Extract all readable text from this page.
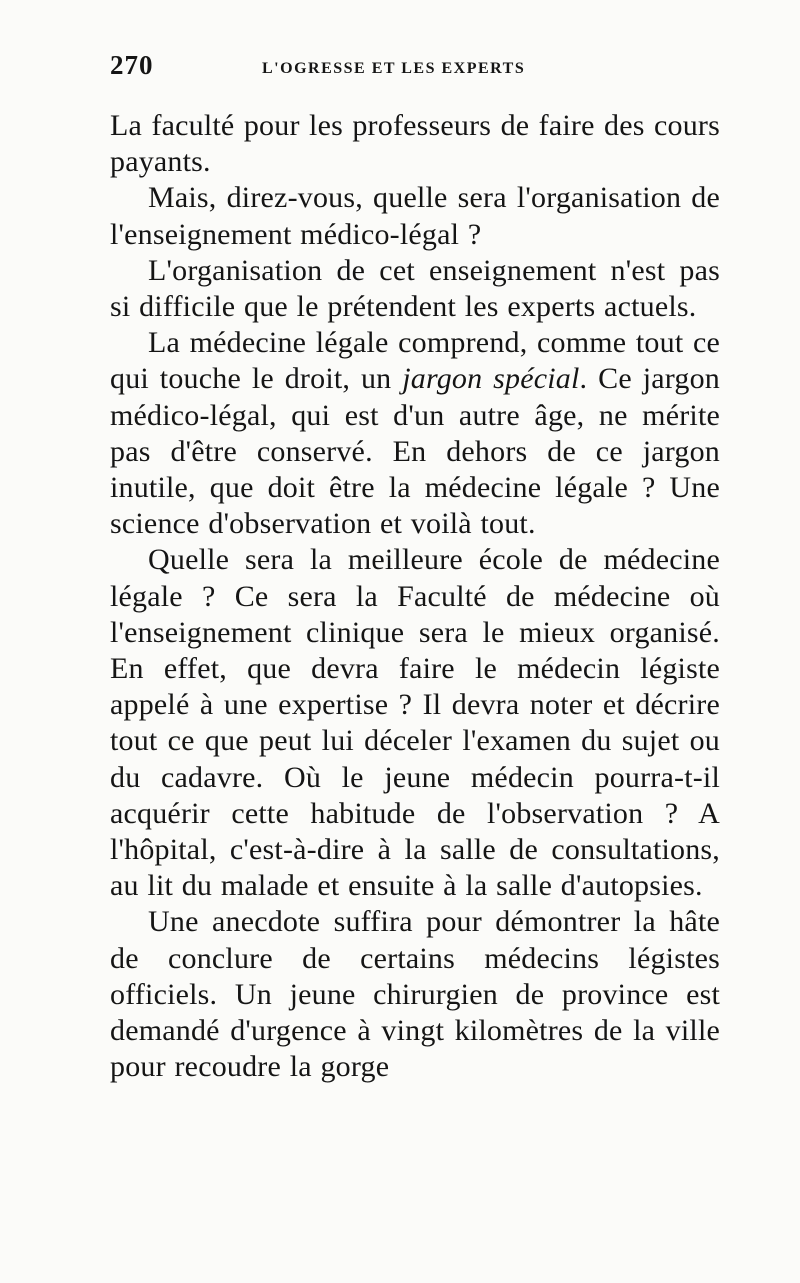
270	L'OGRESSE ET LES EXPERTS

La faculté pour les professeurs de faire des cours payants.

Mais, direz-vous, quelle sera l'organisation de l'enseignement médico-légal ?

L'organisation de cet enseignement n'est pas si difficile que le prétendent les experts actuels.

La médecine légale comprend, comme tout ce qui touche le droit, un jargon spécial. Ce jargon médico-légal, qui est d'un autre âge, ne mérite pas d'être conservé. En dehors de ce jargon inutile, que doit être la médecine légale ? Une science d'observation et voilà tout.

Quelle sera la meilleure école de médecine légale ? Ce sera la Faculté de médecine où l'enseignement clinique sera le mieux organisé. En effet, que devra faire le médecin légiste appelé à une expertise ? Il devra noter et décrire tout ce que peut lui déceler l'examen du sujet ou du cadavre. Où le jeune médecin pourra-t-il acquérir cette habitude de l'observation ? A l'hôpital, c'est-à-dire à la salle de consultations, au lit du malade et ensuite à la salle d'autopsies.

Une anecdote suffira pour démontrer la hâte de conclure de certains médecins légistes officiels. Un jeune chirurgien de province est demandé d'urgence à vingt kilomètres de la ville pour recoudre la gorge
